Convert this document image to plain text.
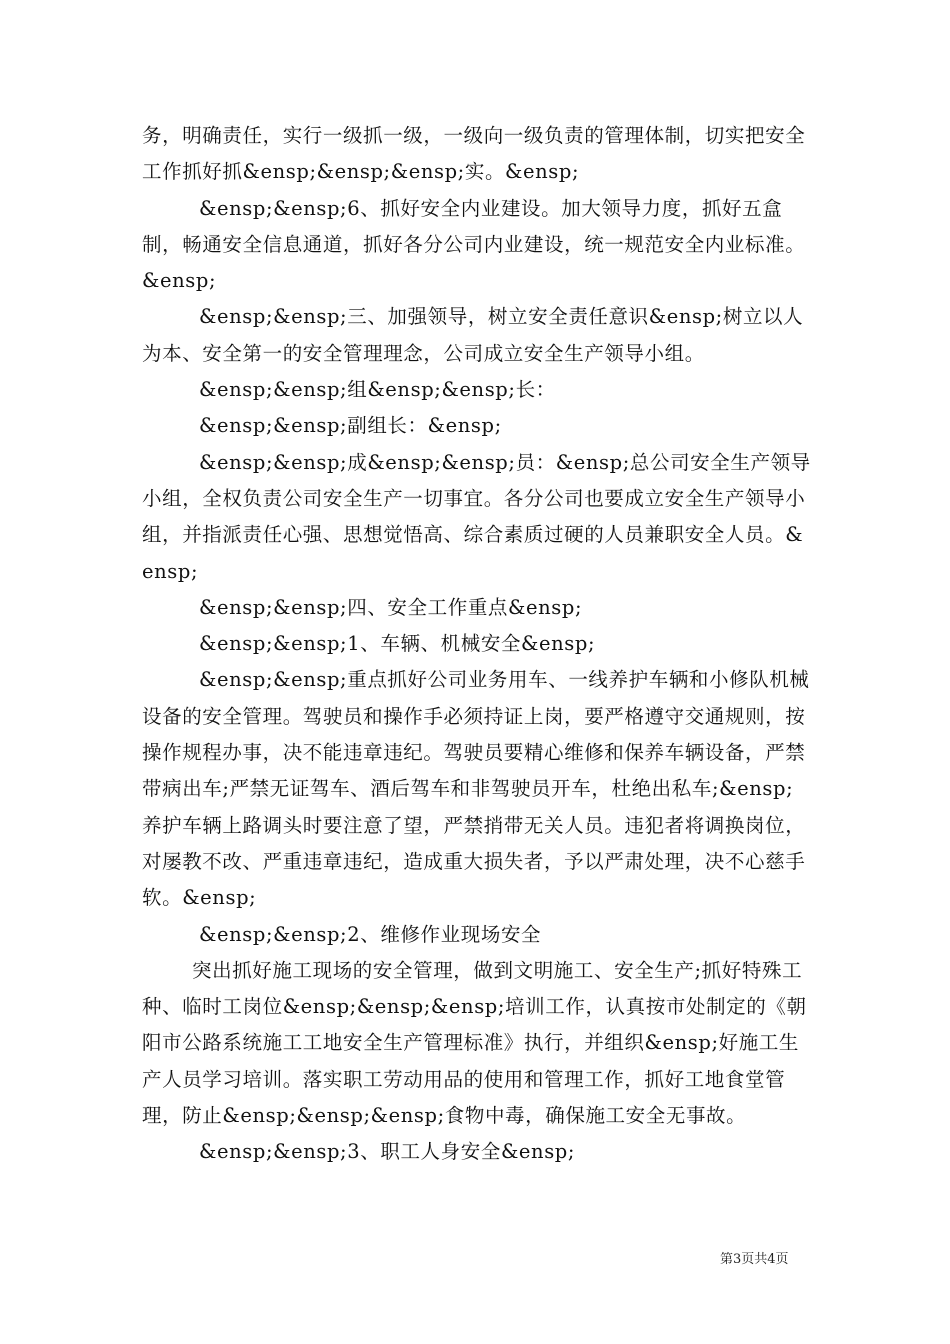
务，明确责任，实行一级抓一级，一级向一级负责的管理体制，切实把安全工作抓好抓&ensp;&ensp;&ensp;实。&ensp;

&ensp;&ensp;6、抓好安全内业建设。加大领导力度，抓好五盒制，畅通安全信息通道，抓好各分公司内业建设，统一规范安全内业标准。&ensp;

&ensp;&ensp;三、加强领导，树立安全责任意识&ensp;树立以人为本、安全第一的安全管理理念，公司成立安全生产领导小组。

&ensp;&ensp;组&ensp;&ensp;长：

&ensp;&ensp;副组长：&ensp;

&ensp;&ensp;成&ensp;&ensp;员：&ensp;总公司安全生产领导小组，全权负责公司安全生产一切事宜。各分公司也要成立安全生产领导小组，并指派责任心强、思想觉悟高、综合素质过硬的人员兼职安全人员。&ensp;

&ensp;&ensp;四、安全工作重点&ensp;

&ensp;&ensp;1、车辆、机械安全&ensp;

&ensp;&ensp;重点抓好公司业务用车、一线养护车辆和小修队机械设备的安全管理。驾驶员和操作手必须持证上岗，要严格遵守交通规则，按操作规程办事，决不能违章违纪。驾驶员要精心维修和保养车辆设备，严禁带病出车;严禁无证驾车、酒后驾车和非驾驶员开车，杜绝出私车;&ensp;养护车辆上路调头时要注意了望，严禁捎带无关人员。违犯者将调换岗位，对屡教不改、严重违章违纪，造成重大损失者，予以严肃处理，决不心慈手软。&ensp;

&ensp;&ensp;2、维修作业现场安全

突出抓好施工现场的安全管理，做到文明施工、安全生产;抓好特殊工种、临时工岗位&ensp;&ensp;&ensp;培训工作，认真按市处制定的《朝阳市公路系统施工工地安全生产管理标准》执行，并组织&ensp;好施工生产人员学习培训。落实职工劳动用品的使用和管理工作，抓好工地食堂管理，防止&ensp;&ensp;&ensp;食物中毒，确保施工安全无事故。

&ensp;&ensp;3、职工人身安全&ensp;

第3页共4页
